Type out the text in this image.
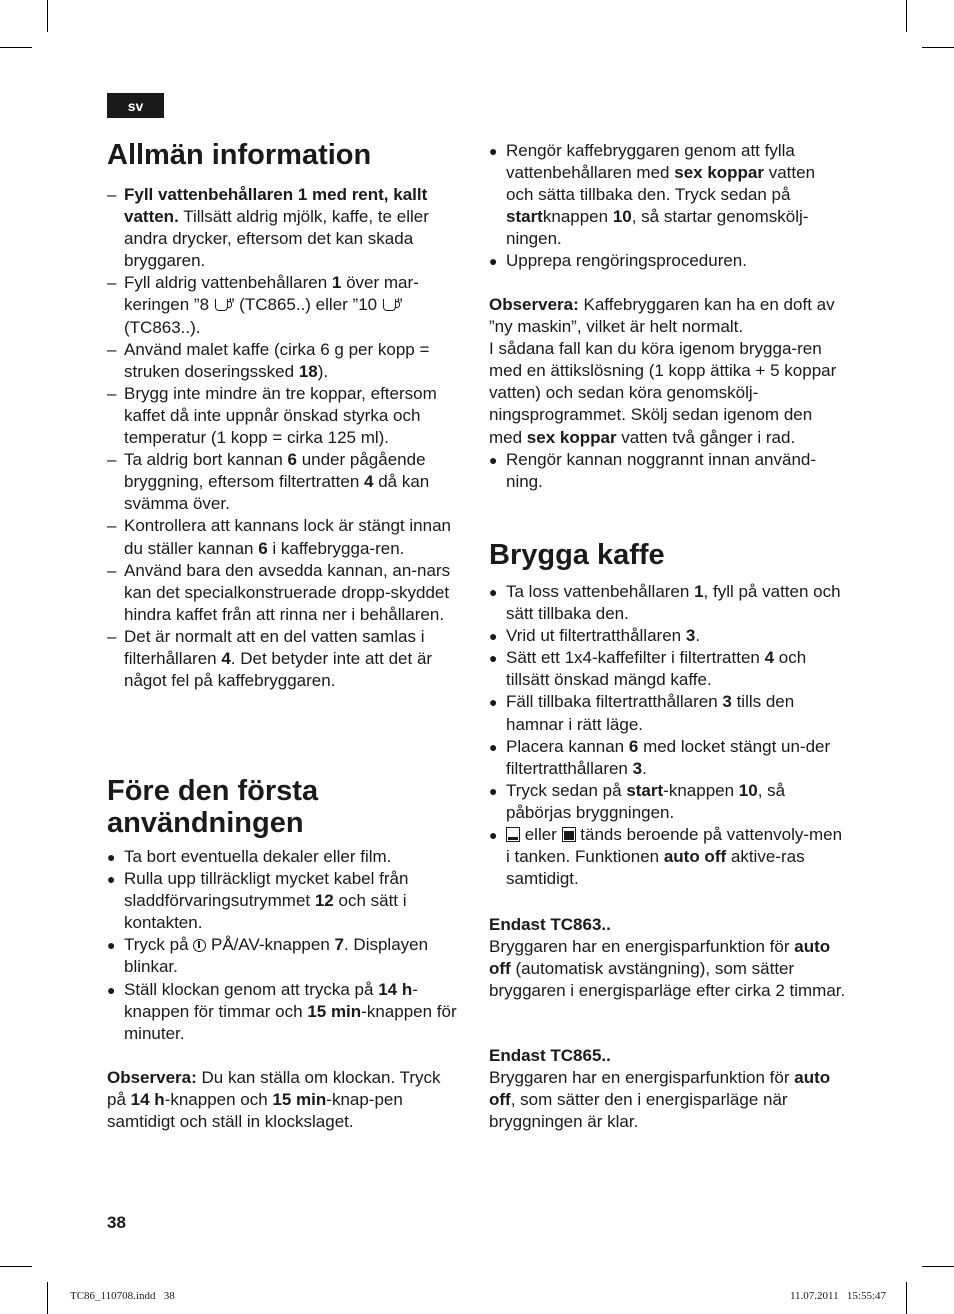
sv
Allmän information
– Fyll vattenbehållaren 1 med rent, kallt vatten. Tillsätt aldrig mjölk, kaffe, te eller andra drycker, eftersom det kan skada bryggaren.
– Fyll aldrig vattenbehållaren 1 över mar-keringen ”8 ” (TC865..) eller ”10 ” (TC863..).
– Använd malet kaffe (cirka 6 g per kopp = struken doseringssked 18).
– Brygg inte mindre än tre koppar, eftersom kaffet då inte uppnår önskad styrka och temperatur (1 kopp = cirka 125 ml).
– Ta aldrig bort kannan 6 under pågående bryggning, eftersom filtertratten 4 då kan svämma över.
– Kontrollera att kannans lock är stängt innan du ställer kannan 6 i kaffebrygga-ren.
– Använd bara den avsedda kannan, an-nars kan det specialkonstruerade dropp-skyddet hindra kaffet från att rinna ner i behållaren.
– Det är normalt att en del vatten samlas i filterhållaren 4. Det betyder inte att det är något fel på kaffebryggaren.
Före den första
användningen
● Ta bort eventuella dekaler eller film.
● Rulla upp tillräckligt mycket kabel från sladdförvaringsutrymmet 12 och sätt i kontakten.
● Tryck på  PÅ/AV-knappen 7. Displayen blinkar.
● Ställ klockan genom att trycka på 14 h-knappen för timmar och 15 min-knappen för minuter.

Observera: Du kan ställa om klockan. Tryck på 14 h-knappen och 15 min-knap-pen samtidigt och ställ in klockslaget.

● Rengör kaffebryggaren genom att fylla vattenbehållaren med sex koppar vatten och sätta tillbaka den. Tryck sedan på startknappen 10, så startar genomskölj-ningen.
● Upprepa rengöringsproceduren.

Observera: Kaffebryggaren kan ha en doft av ”ny maskin”, vilket är helt normalt.
I sådana fall kan du köra igenom brygga-ren med en ättikslösning (1 kopp ättika + 5 koppar vatten) och sedan köra genomskölj-ningsprogrammet. Skölj sedan igenom den med sex koppar vatten två gånger i rad.

● Rengör kannan noggrannt innan använd-ning.
Brygga kaffe
● Ta loss vattenbehållaren 1, fyll på vatten och sätt tillbaka den.
● Vrid ut filtertratthållaren 3.
● Sätt ett 1x4-kaffefilter i filtertratten 4 och tillsätt önskad mängd kaffe.
● Fäll tillbaka filtertratthållaren 3 tills den hamnar i rätt läge.
● Placera kannan 6 med locket stängt un-der filtertratthållaren 3.
● Tryck sedan på start-knappen 10, så påbörjas bryggningen.
● eller  tänds beroende på vattenvoly-men i tanken. Funktionen auto off aktive-ras samtidigt.

Endast TC863..
Bryggaren har en energisparfunktion för auto off (automatisk avstängning), som sätter bryggaren i energisparläge efter cirka 2 timmar.

Endast TC865..
Bryggaren har en energisparfunktion för auto off, som sätter den i energisparläge när bryggningen är klar.

38
TC86_110708.indd   38	11.07.2011   15:55:47
